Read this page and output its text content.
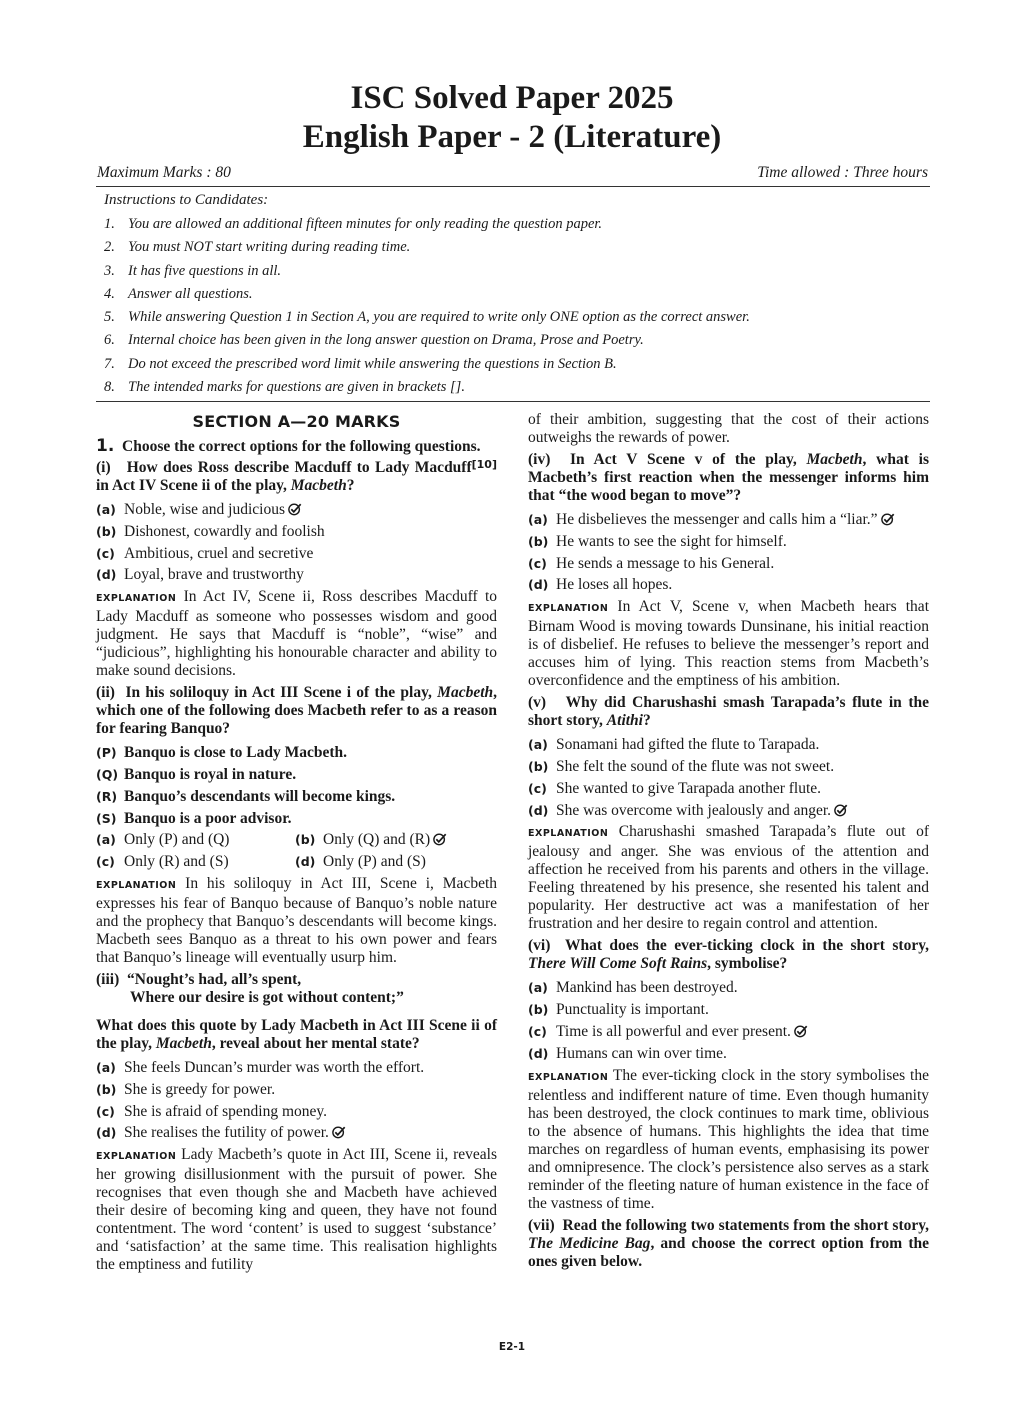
ISC Solved Paper 2025
English Paper - 2 (Literature)
Maximum Marks : 80	Time allowed : Three hours
Instructions to Candidates:
1. You are allowed an additional fifteen minutes for only reading the question paper.
2. You must NOT start writing during reading time.
3. It has five questions in all.
4. Answer all questions.
5. While answering Question 1 in Section A, you are required to write only ONE option as the correct answer.
6. Internal choice has been given in the long answer question on Drama, Prose and Poetry.
7. Do not exceed the prescribed word limit while answering the questions in Section B.
8. The intended marks for questions are given in brackets [].
SECTION A—20 MARKS

1. Choose the correct options for the following questions.
[10]

(i) How does Ross describe Macduff to Lady Macduff in Act IV Scene ii of the play, Macbeth?

(a) Noble, wise and judicious
(b) Dishonest, cowardly and foolish
(c) Ambitious, cruel and secretive
(d) Loyal, brave and trustworthy

EXPLANATION In Act IV, Scene ii, Ross describes Macduff to Lady Macduff as someone who possesses wisdom and good judgment. He says that Macduff is “noble”, “wise” and “judicious”, highlighting his honourable character and ability to make sound decisions.

(ii) In his soliloquy in Act III Scene i of the play, Macbeth, which one of the following does Macbeth refer to as a reason for fearing Banquo?

(P) Banquo is close to Lady Macbeth.
(Q) Banquo is royal in nature.
(R) Banquo’s descendants will become kings.
(S) Banquo is a poor advisor.
(a) Only (P) and (Q)	(b) Only (Q) and (R)
(c) Only (R) and (S)	(d) Only (P) and (S)

EXPLANATION In his soliloquy in Act III, Scene i, Macbeth expresses his fear of Banquo because of Banquo’s noble nature and the prophecy that Banquo’s descendants will become kings. Macbeth sees Banquo as a threat to his own power and fears that Banquo’s lineage will eventually usurp him.

(iii) “Nought’s had, all’s spent,
Where our desire is got without content;”

What does this quote by Lady Macbeth in Act III Scene ii of the play, Macbeth, reveal about her mental state?

(a) She feels Duncan’s murder was worth the effort.
(b) She is greedy for power.
(c) She is afraid of spending money.
(d) She realises the futility of power.

EXPLANATION Lady Macbeth’s quote in Act III, Scene ii, reveals her growing disillusionment with the pursuit of power. She recognises that even though she and Macbeth have achieved their desire of becoming king and queen, they have not found contentment. The word ‘content’ is used to suggest ‘substance’ and ‘satisfaction’ at the same time. This realisation highlights the emptiness and futility

of their ambition, suggesting that the cost of their actions outweighs the rewards of power.

(iv) In Act V Scene v of the play, Macbeth, what is Macbeth’s first reaction when the messenger informs him that “the wood began to move”?

(a) He disbelieves the messenger and calls him a “liar.”
(b) He wants to see the sight for himself.
(c) He sends a message to his General.
(d) He loses all hopes.

EXPLANATION In Act V, Scene v, when Macbeth hears that Birnam Wood is moving towards Dunsinane, his initial reaction is of disbelief. He refuses to believe the messenger’s report and accuses him of lying. This reaction stems from Macbeth’s overconfidence and the emptiness of his ambition.

(v) Why did Charushashi smash Tarapada’s flute in the short story, Atithi?

(a) Sonamani had gifted the flute to Tarapada.
(b) She felt the sound of the flute was not sweet.
(c) She wanted to give Tarapada another flute.
(d) She was overcome with jealously and anger.

EXPLANATION Charushashi smashed Tarapada’s flute out of jealousy and anger. She was envious of the attention and affection he received from his parents and others in the village. Feeling threatened by his presence, she resented his talent and popularity. Her destructive act was a manifestation of her frustration and her desire to regain control and attention.

(vi) What does the ever-ticking clock in the short story, There Will Come Soft Rains, symbolise?

(a) Mankind has been destroyed.
(b) Punctuality is important.
(c) Time is all powerful and ever present.
(d) Humans can win over time.

EXPLANATION The ever-ticking clock in the story symbolises the relentless and indifferent nature of time. Even though humanity has been destroyed, the clock continues to mark time, oblivious to the absence of humans. This highlights the idea that time marches on regardless of human events, emphasising its power and omnipresence. The clock’s persistence also serves as a stark reminder of the fleeting nature of human existence in the face of the vastness of time.

(vii) Read the following two statements from the short story, The Medicine Bag, and choose the correct option from the ones given below.

E2-1
